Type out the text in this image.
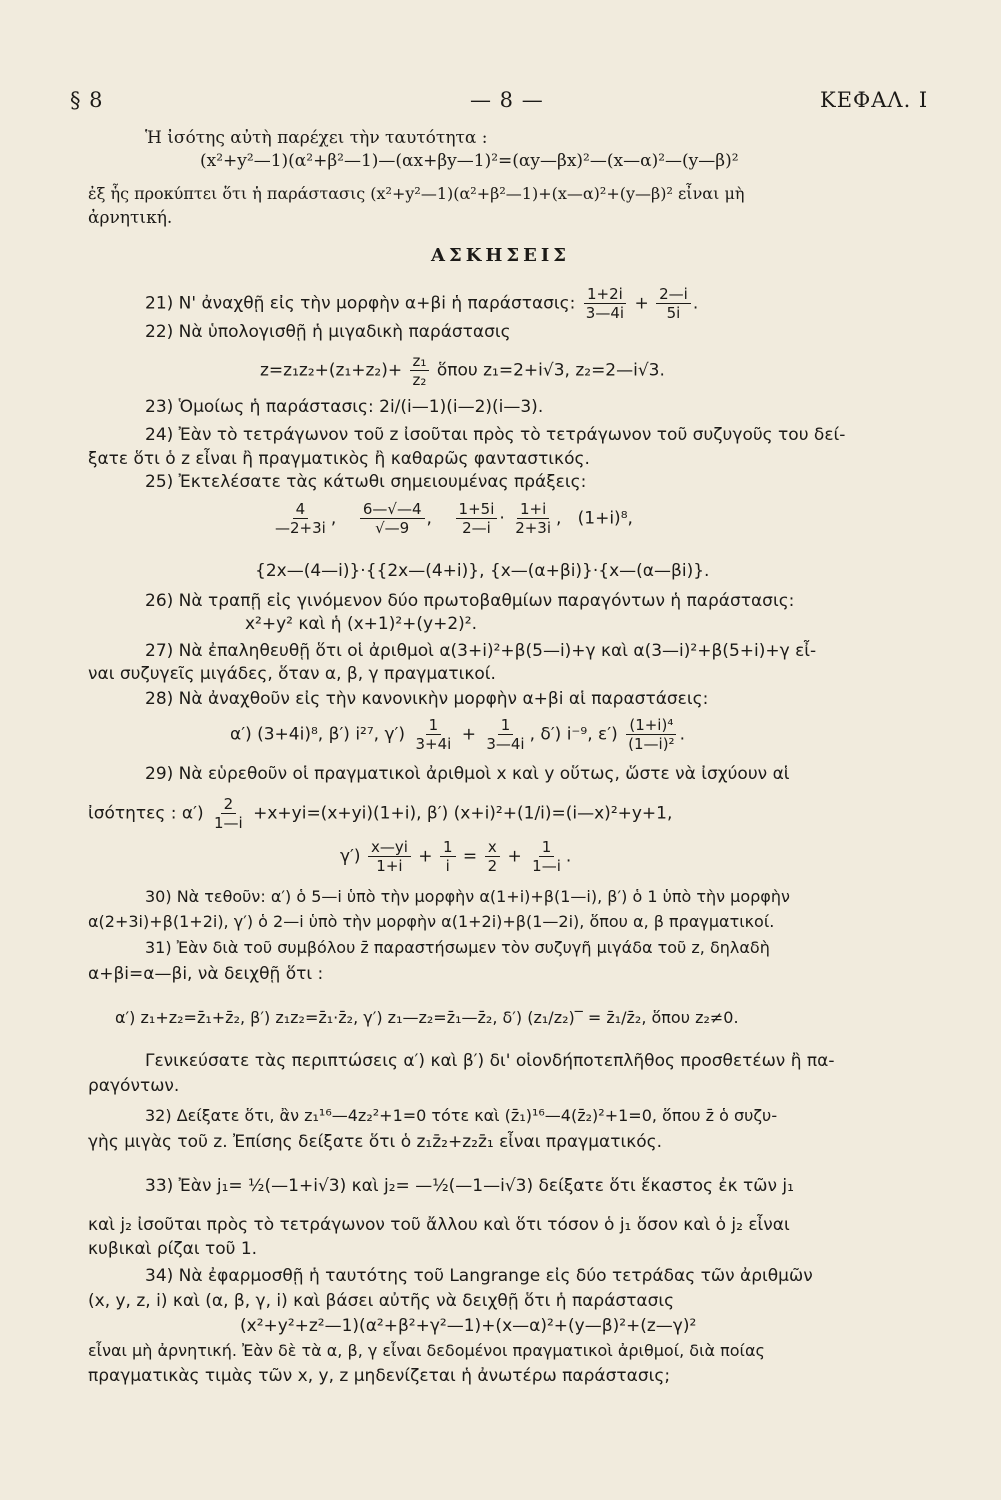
§ 8	— 8 —	ΚΕΦΑΛ. I
Ἡ ἰσότης αὐτὴ παρέχει τὴν ταυτότητα :
(x²+y²—1)(α²+β²—1)—(αx+βy—1)²=(αy—βx)²—(x—α)²—(y—β)²
ἐξ ἧς προκύπτει ὅτι ἡ παράστασις (x²+y²—1)(α²+β²—1)+(x—α)²+(y—β)² εἶναι μὴ
ἀρνητική.
ΑΣΚΗΣΕΙΣ
21) Ν' ἀναχθῇ εἰς τὴν μορφὴν α+βi ἡ παράστασις: $\frac{1+2i}{3—4i} + \frac{2—i}{5i}$ .
22) Νὰ ὑπολογισθῇ ἡ μιγαδικὴ παράστασις
$z=z_1z_2+(z_1+z_2)+ \frac{\text{z₁}}{\text{z₂}}$ ὅπου z₁=2+i√3, z₂=2—i√3.
23) Ὁμοίως ἡ παράστασις: 2i/(i—1)(i—2)(i—3).
24) Ἐὰν τὸ τετράγωνον τοῦ z ἰσοῦται πρὸς τὸ τετράγωνον τοῦ συζυγοῦς του δεί-
ξατε ὅτι ὁ z εἶναι ἢ πραγματικὸς ἢ καθαρῶς φανταστικός.
25) Ἐκτελέσατε τὰς κάτωθι σημειουμένας πράξεις:
$\frac{4}{—2+3i}$ , $\frac{6—√—4}{√—9}$ , $\frac{1+5i}{2—i} \cdot \frac{1+i}{2+3i}$ ,   (1+i)⁸,
{2x—(4—i)}·{{2x—(4+i)}, {x—(α+βi)}·{x—(α—βi)}.
26) Νὰ τραπῇ εἰς γινόμενον δύο πρωτοβαθμίων παραγόντων ἡ παράστασις:
x²+y² καὶ ἡ (x+1)²+(y+2)².
27) Νὰ ἐπαληθευθῇ ὅτι οἱ ἀριθμοὶ α(3+i)²+β(5—i)+γ καὶ α(3—i)²+β(5+i)+γ εἶ-
ναι συζυγεῖς μιγάδες, ὅταν α, β, γ πραγματικοί.
28) Νὰ ἀναχθοῦν εἰς τὴν κανονικὴν μορφὴν α+βi αἱ παραστάσεις:
α′) (3+4i)⁸, β′) i²⁷, $\gamma') \frac{1}{3+4i} + \frac{1}{3—4i}$ , δ′) i⁻⁹, $\varepsilon') \frac{\text{(1+i)⁴}}{\text{(1—i)²}}$ .
29) Νὰ εὑρεθοῦν οἱ πραγματικοὶ ἀριθμοὶ x καὶ y οὕτως, ὥστε νὰ ἰσχύουν αἱ
ἰσότητες : $\alpha') \frac{2}{1—i} +x+yi=(x+yi)(1+i)$, β′) (x+i)²+(1/i)=(i—x)²+y+1,
$\gamma') \frac{x—yi}{1+i} + \frac{1}{i} = \frac{x}{2} + \frac{1}{1—i}$ .
30) Νὰ τεθοῦν: α′) ὁ 5—i ὑπὸ τὴν μορφὴν α(1+i)+β(1—i), β′) ὁ 1 ὑπὸ τὴν μορφὴν
α(2+3i)+β(1+2i), γ′) ὁ 2—i ὑπὸ τὴν μορφὴν α(1+2i)+β(1—2i), ὅπου α, β πραγματικοί.
31) Ἐὰν διὰ τοῦ συμβόλου z̄ παραστήσωμεν τὸν συζυγῆ μιγάδα τοῦ z, δηλαδὴ
α+βi=α—βi, νὰ δειχθῇ ὅτι :
α′) z₁+z₂=z̄₁+z̄₂, β′) z₁z₂=z̄₁·z̄₂, γ′) z₁—z₂=z̄₁—z̄₂, δ′) (z₁/z₂)‾ = z̄₁/z̄₂, ὅπου z₂≠0.
Γενικεύσατε τὰς περιπτώσεις α′) καὶ β′) δι' οἱονδήποτεπλῆθος προσθετέων ἢ πα-
ραγόντων.
32) Δείξατε ὅτι, ἂν z₁¹⁶—4z₂²+1=0 τότε καὶ (z̄₁)¹⁶—4(z̄₂)²+1=0, ὅπου z̄ ὁ συζυ-
γὴς μιγὰς τοῦ z. Ἐπίσης δείξατε ὅτι ὁ z₁z̄₂+z₂z̄₁ εἶναι πραγματικός.
33) Ἐὰν j₁= ½(—1+i√3) καὶ j₂= —½(—1—i√3) δείξατε ὅτι ἕκαστος ἐκ τῶν j₁
καὶ j₂ ἰσοῦται πρὸς τὸ τετράγωνον τοῦ ἄλλου καὶ ὅτι τόσον ὁ j₁ ὅσον καὶ ὁ j₂ εἶναι
κυβικαὶ ρίζαι τοῦ 1.
34) Νὰ ἐφαρμοσθῇ ἡ ταυτότης τοῦ Langrange εἰς δύο τετράδας τῶν ἀριθμῶν
(x, y, z, i) καὶ (α, β, γ, i) καὶ βάσει αὐτῆς νὰ δειχθῇ ὅτι ἡ παράστασις
(x²+y²+z²—1)(α²+β²+γ²—1)+(x—α)²+(y—β)²+(z—γ)²
εἶναι μὴ ἀρνητική. Ἐὰν δὲ τὰ α, β, γ εἶναι δεδομένοι πραγματικοὶ ἀριθμοί, διὰ ποίας
πραγματικὰς τιμὰς τῶν x, y, z μηδενίζεται ἡ ἀνωτέρω παράστασις;
